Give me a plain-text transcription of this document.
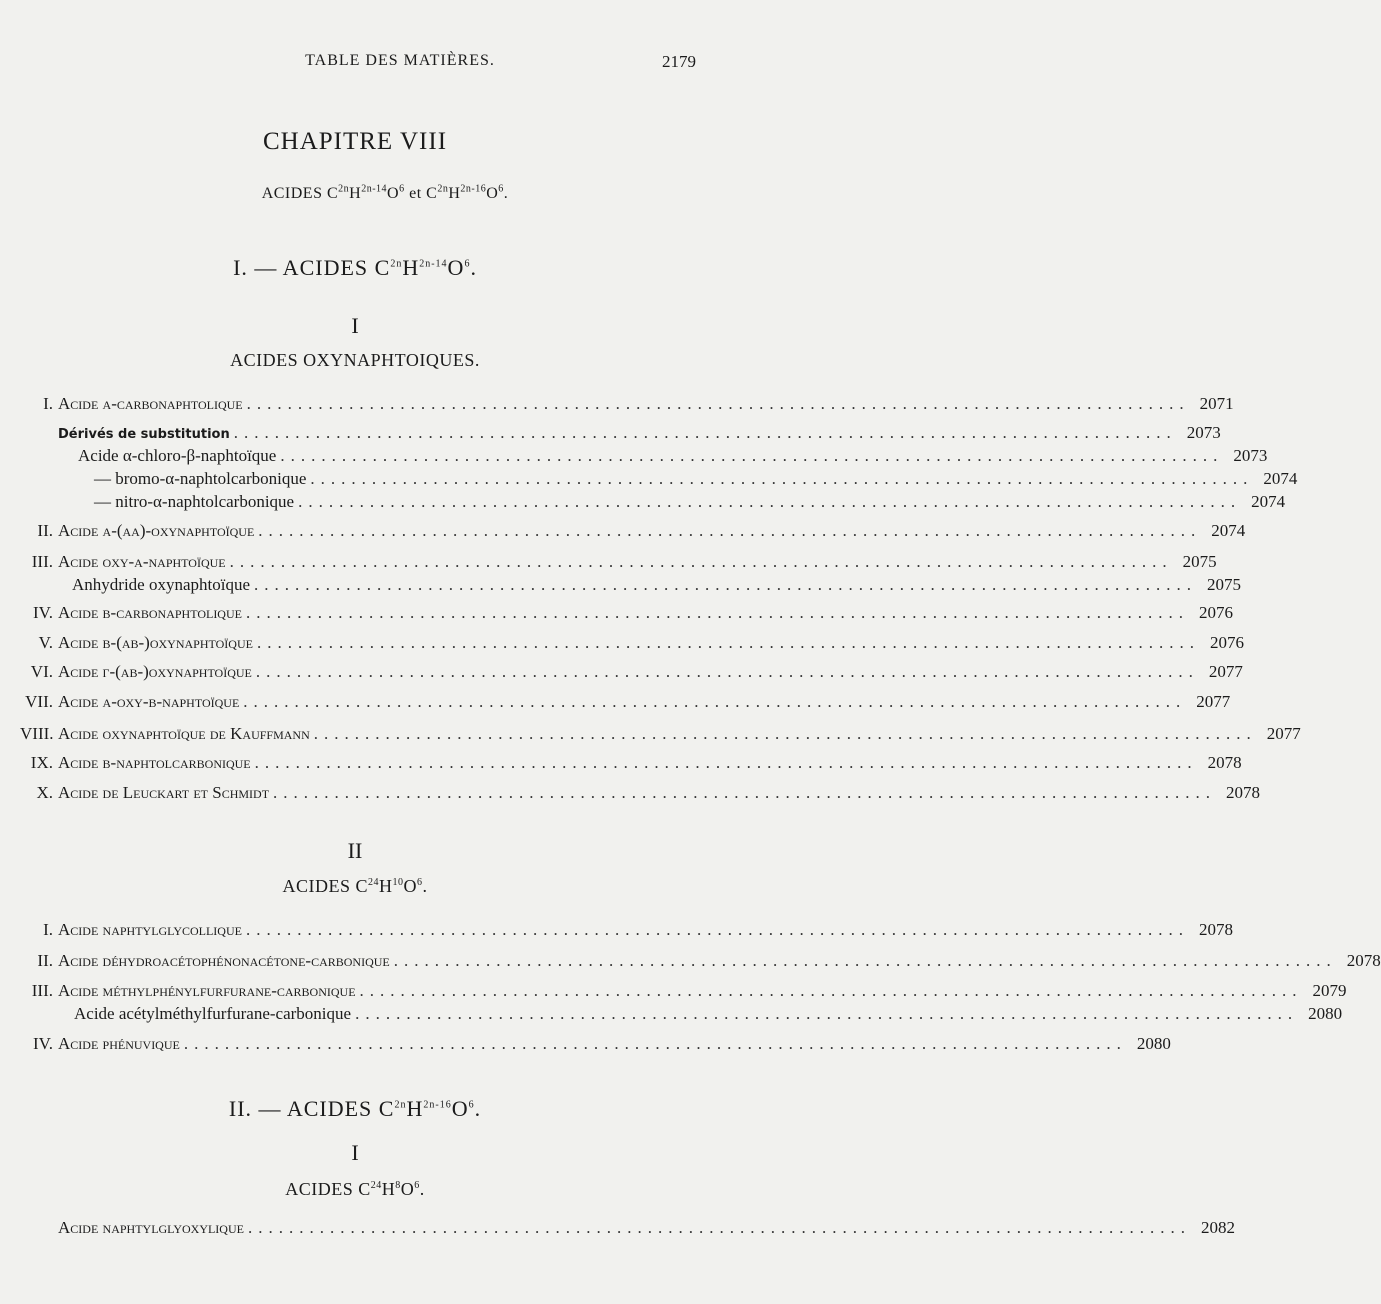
TABLE DES MATIÈRES.	2179
CHAPITRE VIII
ACIDES $C^{2n}H^{2n-14}O^6$ et $C^{2n}H^{2n-16}O^6$.
I. — ACIDES $C^{2n}H^{2n-14}O^6$.
I
ACIDES OXYNAPHTOIQUES.
I. Acide α-carbonaphtolique ............................................................................................ 2071
Dérivés de substitution ............................................................................................ 2073
Acide α-chloro-β-naphtoïque ............................................................................................ 2073
— bromo-α-naphtolcarbonique ............................................................................................ 2074
— nitro-α-naphtolcarbonique ............................................................................................ 2074
II. Acide α-(αα)-oxynaphtoïque ............................................................................................ 2074
III. Acide oxy-α-naphtoïque ............................................................................................ 2075
Anhydride oxynaphtoïque ............................................................................................ 2075
IV. Acide β-carbonaphtolique ............................................................................................ 2076
V. Acide β-(αβ-)oxynaphtoïque ............................................................................................ 2076
VI. Acide γ-(αβ-)oxynaphtoïque ............................................................................................ 2077
VII. Acide α-oxy-β-naphtoïque ............................................................................................ 2077
VIII. Acide oxynaphtoïque de Kauffmann ............................................................................................ 2077
IX. Acide β-naphtolcarbonique ............................................................................................ 2078
X. Acide de Leuckart et Schmidt ............................................................................................ 2078
II
ACIDES $C^{24}H^{10}O^6$.
I. Acide naphtylglycollique ............................................................................................ 2078
II. Acide déhydroacétophénonacétone-carbonique ............................................................................................ 2078
III. Acide méthylphénylfurfurane-carbonique ............................................................................................ 2079
Acide acétylméthylfurfurane-carbonique ............................................................................................ 2080
IV. Acide phénuvique ............................................................................................ 2080
II. — ACIDES $C^{2n}H^{2n-16}O^6$.
I
ACIDES $C^{24}H^8O^6$.
Acide naphtylglyoxylique ............................................................................................ 2082
